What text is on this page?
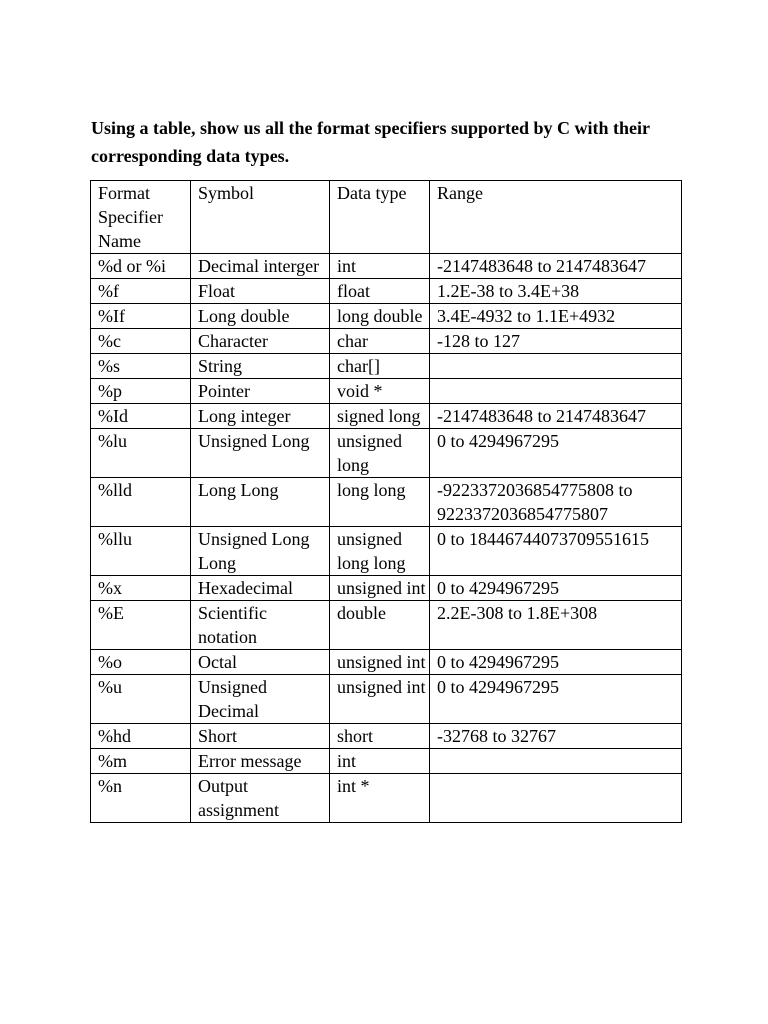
Using a table, show us all the format specifiers supported by C with their corresponding data types.

Format Specifier Name	Symbol	Data type	Range
%d or %i	Decimal interger	int	-2147483648 to 2147483647
%f	Float	float	1.2E-38 to 3.4E+38
%If	Long double	long double	3.4E-4932 to 1.1E+4932
%c	Character	char	-128 to 127
%s	String	char[]	
%p	Pointer	void *	
%Id	Long integer	signed long	-2147483648 to 2147483647
%lu	Unsigned Long	unsigned long	0 to 4294967295
%lld	Long Long	long long	-9223372036854775808 to 9223372036854775807
%llu	Unsigned Long Long	unsigned long long	0 to 18446744073709551615
%x	Hexadecimal	unsigned int	0 to 4294967295
%E	Scientific notation	double	2.2E-308 to 1.8E+308
%o	Octal	unsigned int	0 to 4294967295
%u	Unsigned Decimal	unsigned int	0 to 4294967295
%hd	Short	short	-32768 to 32767
%m	Error message	int	
%n	Output assignment	int *	
